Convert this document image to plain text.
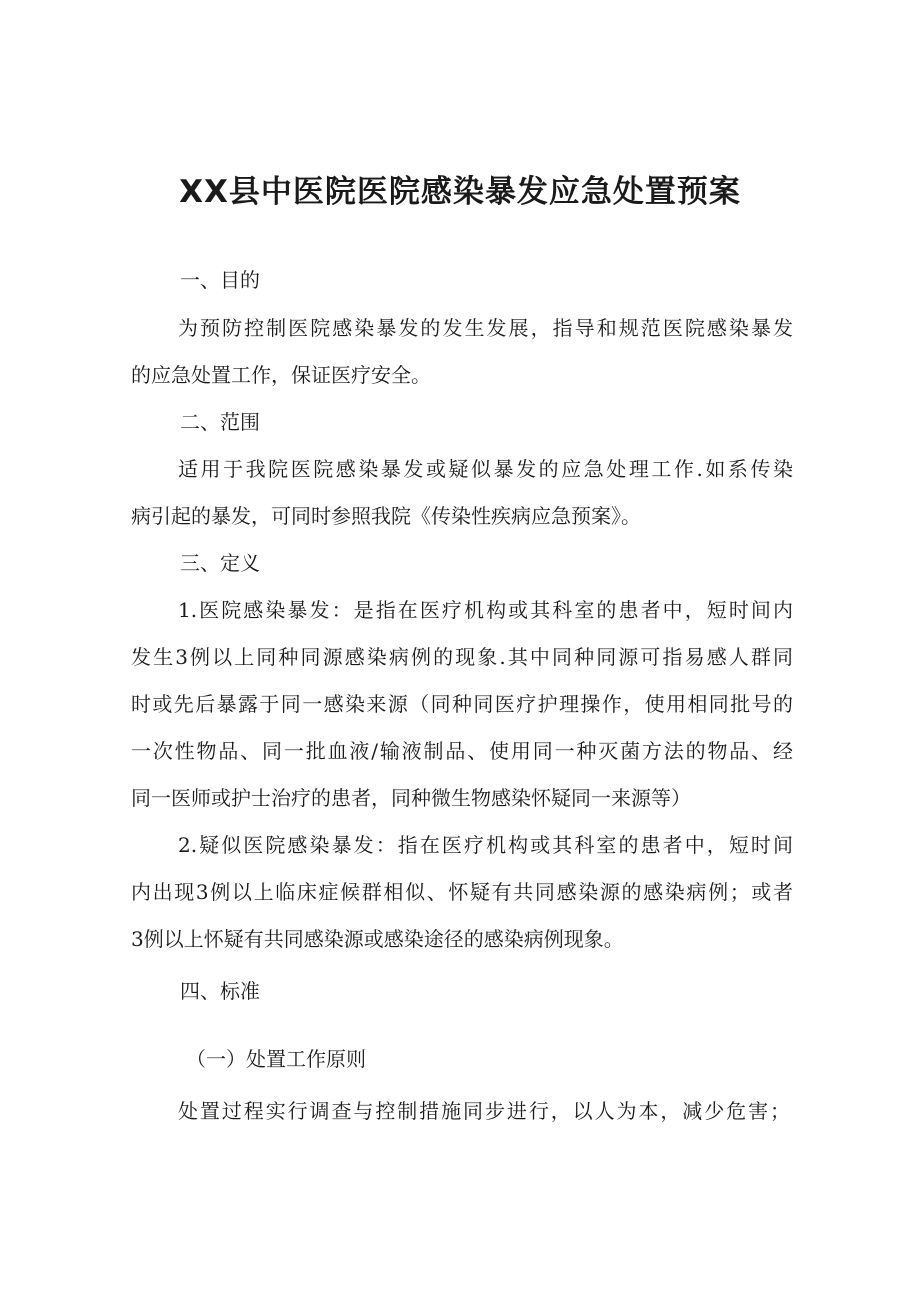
XX县中医院医院感染暴发应急处置预案

一、目的

为预防控制医院感染暴发的发生发展，指导和规范医院感染暴发

的应急处置工作，保证医疗安全。

二、范围

适用于我院医院感染暴发或疑似暴发的应急处理工作.如系传染

病引起的暴发，可同时参照我院《传染性疾病应急预案》。

三、定义

1.医院感染暴发：是指在医疗机构或其科室的患者中，短时间内

发生3例以上同种同源感染病例的现象.其中同种同源可指易感人群同

时或先后暴露于同一感染来源（同种同医疗护理操作，使用相同批号的

一次性物品、同一批血液/输液制品、使用同一种灭菌方法的物品、经

同一医师或护士治疗的患者，同种微生物感染怀疑同一来源等）

2.疑似医院感染暴发：指在医疗机构或其科室的患者中，短时间

内出现3例以上临床症候群相似、怀疑有共同感染源的感染病例；或者

3例以上怀疑有共同感染源或感染途径的感染病例现象。

四、标准

（一）处置工作原则

处置过程实行调查与控制措施同步进行，以人为本，减少危害；
